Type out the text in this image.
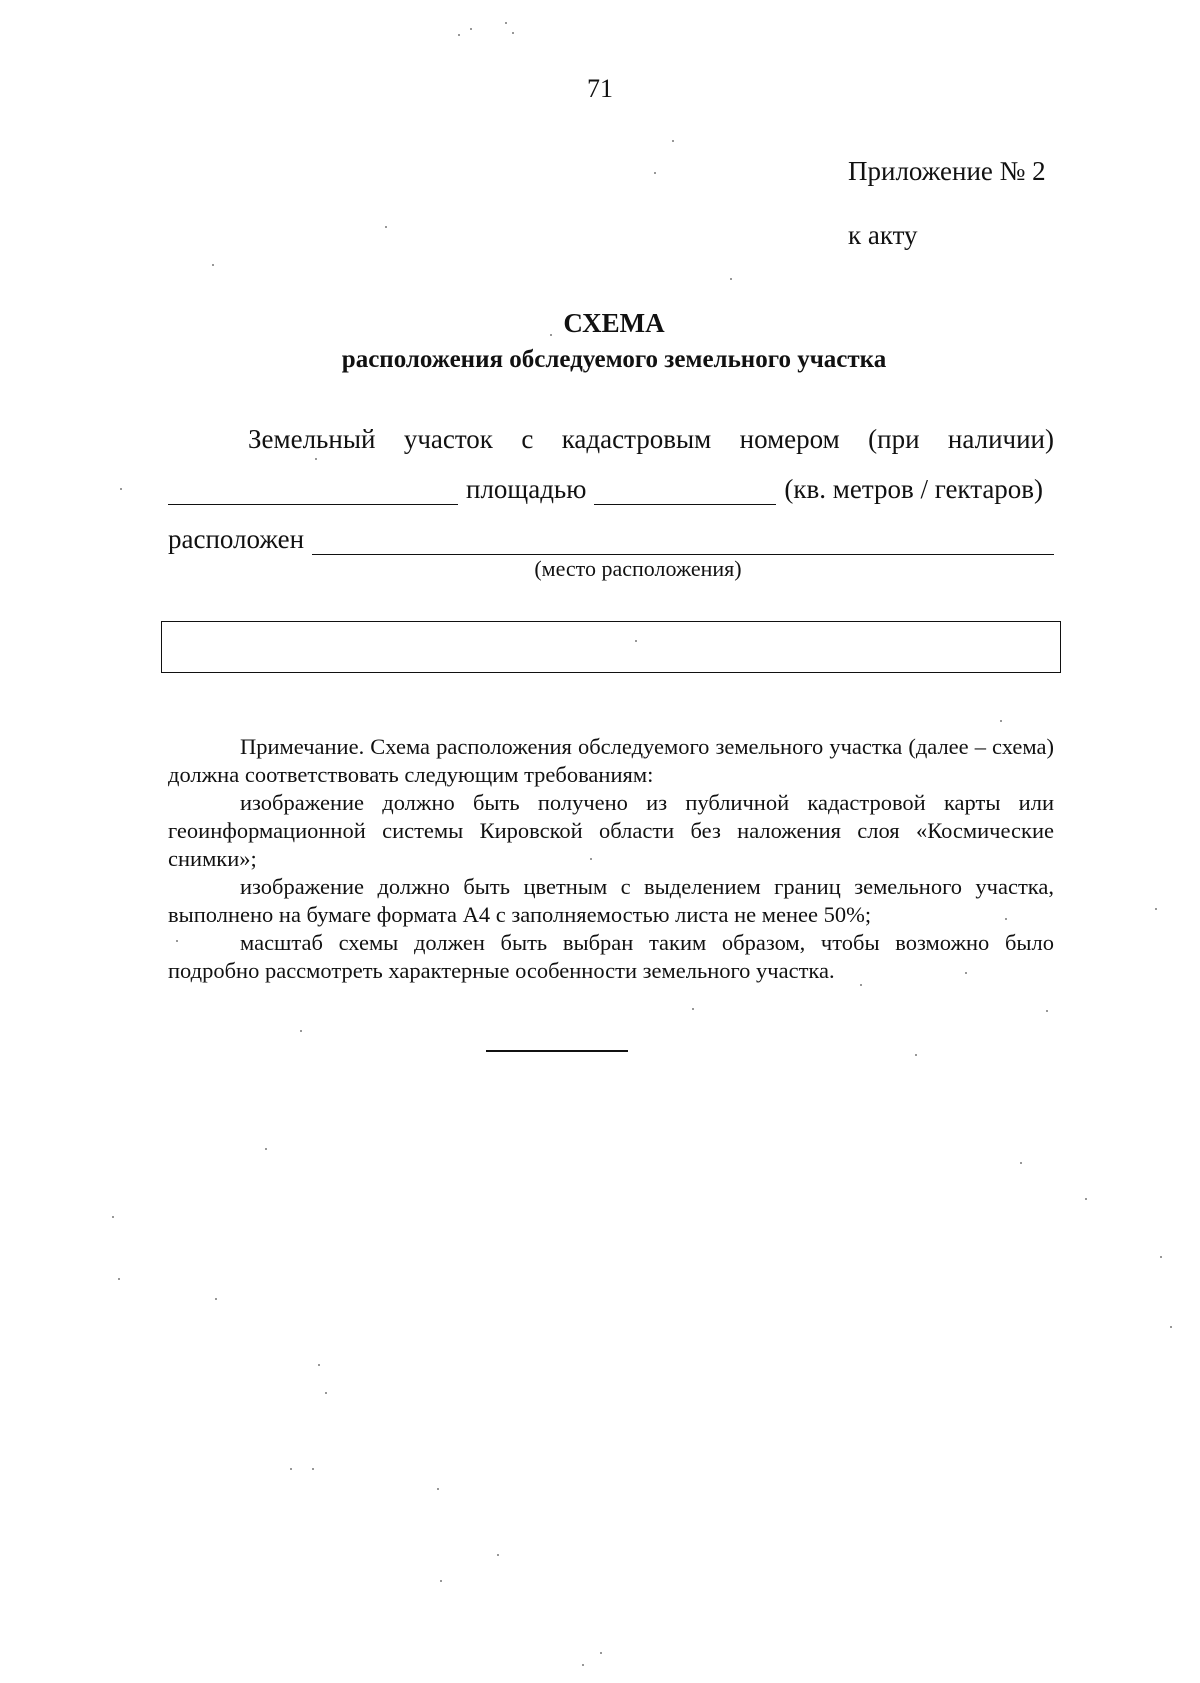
71
Приложение № 2
к акту
СХЕМА
расположения обследуемого земельного участка
Земельный участок с кадастровым номером (при наличии)
площадью	(кв. метров / гектаров)
расположен
(место расположения)

Примечание. Схема расположения обследуемого земельного участка (далее – схема) должна соответствовать следующим требованиям:

изображение должно быть получено из публичной кадастровой карты или геоинформационной системы Кировской области без наложения слоя «Космические снимки»;

изображение должно быть цветным с выделением границ земельного участка, выполнено на бумаге формата А4 с заполняемостью листа не менее 50%;

масштаб схемы должен быть выбран таким образом, чтобы возможно было подробно рассмотреть характерные особенности земельного участка.
